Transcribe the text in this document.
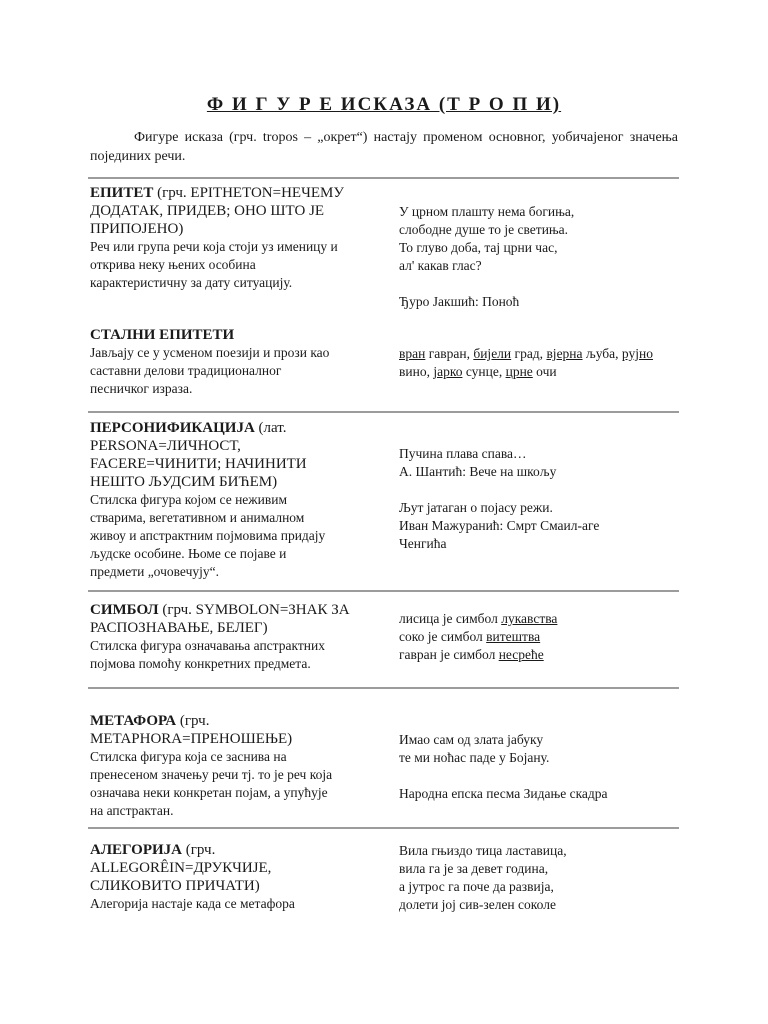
Ф И Г У Р Е ИСКАЗА (Т Р О П И)
Фигуре исказа (грч. tropos – „окрет“) настају променом основног, уобичајеног значења појединих речи.
ЕПИТЕТ (грч. EPITHETON=НЕЧЕМУ
ДОДАТАК, ПРИДЕВ; ОНО ШТО ЈЕ
ПРИПОЈЕНО)
Реч или група речи која стоји уз именицу и
открива неку њених особина
карактеристичну за дату ситуацију.
У црном плашту нема богиња,
слободне душе то је светиња.
То глуво доба, тај црни час,
ал' какав глас?
Ђуро Јакшић: Поноћ
СТАЛНИ ЕПИТЕТИ
Јављају се у усменом поезији и прози као
саставни делови традиционалног
песничког израза.
вран гавран, бијели град, вјерна љуба, рујно
вино, јарко сунце, црне очи
ПЕРСОНИФИКАЦИЈА (лат.
PERSONA=ЛИЧНОСТ,
FACERE=ЧИНИТИ; НАЧИНИТИ
НЕШТО ЉУДСИМ БИЋЕМ)
Стилска фигура којом се неживим
стварима, вегетативном и анималном
живоу и апстрактним појмовима придају
људске особине. Њоме се појаве и
предмети „очовечују“.
Пучина плава спава…
А. Шантић: Вече на шкољу
Љут јатаган о појасу режи.
Иван Мажуранић: Смрт Смаил-аге
Ченгића
СИМБОЛ (грч. SYMBOLON=ЗНАК ЗА
РАСПОЗНАВАЊЕ, БЕЛЕГ)
Стилска фигура означавања апстрактних
појмова помоћу конкретних предмета.
лисица је симбол лукавства
соко је симбол витештва
гавран је симбол несреће
МЕТАФОРА (грч.
METAPHORA=ПРЕНОШЕЊЕ)
Стилска фигура која се заснива на
пренесеном значењу речи тј. то је реч која
означава неки конкретан појам, а упућује
на апстрактан.
Имао сам од злата јабуку
те ми ноћас паде у Бојану.
Народна епска песма Зидање скадра
АЛЕГОРИЈА (грч.
ALLEGORÊIN=ДРУКЧИЈЕ,
СЛИКОВИТО ПРИЧАТИ)
Алегорија настаје када се метафора
Вила гњиздо тица ластавица,
вила га је за девет година,
а јутрос га поче да развија,
долети јој сив-зелен соколе
